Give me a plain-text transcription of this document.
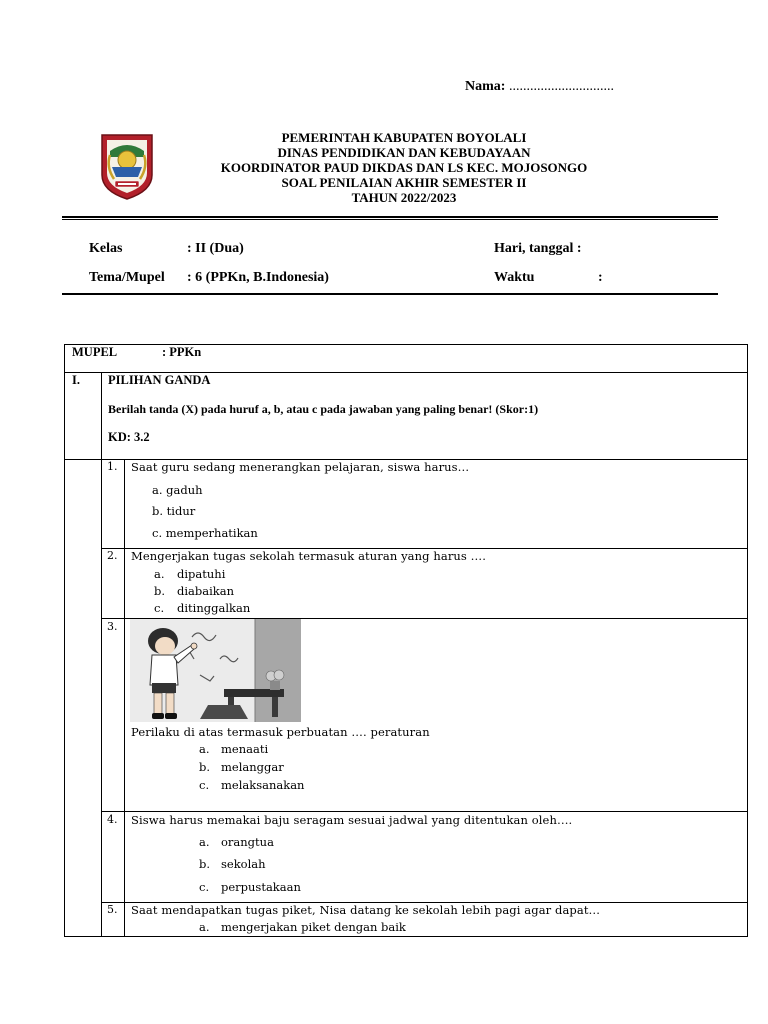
Nama: ..............................
PEMERINTAH KABUPATEN BOYOLALI
DINAS PENDIDIKAN DAN KEBUDAYAAN
KOORDINATOR PAUD DIKDAS DAN LS KEC. MOJOSONGO
SOAL PENILAIAN AKHIR SEMESTER II
TAHUN 2022/2023
Kelas	: II (Dua)
Tema/Mupel : 6 (PPKn, B.Indonesia)
Hari, tanggal :
Waktu	:
MUPEL	: PPKn
I. PILIHAN GANDA
Berilah tanda (X) pada huruf a, b, atau c pada jawaban yang paling benar! (Skor:1)
KD: 3.2
1. Saat guru sedang menerangkan pelajaran, siswa harus…
a. gaduh
b. tidur
c. memperhatikan
2. Mengerjakan tugas sekolah termasuk aturan yang harus ….
a. dipatuhi
b. diabaikan
c. ditinggalkan
3.
Perilaku di atas termasuk perbuatan …. peraturan
a. menaati
b. melanggar
c. melaksanakan
4. Siswa harus memakai baju seragam sesuai jadwal yang ditentukan oleh….
a. orangtua
b. sekolah
c. perpustakaan
5. Saat mendapatkan tugas piket, Nisa datang ke sekolah lebih pagi agar dapat…
a. mengerjakan piket dengan baik
